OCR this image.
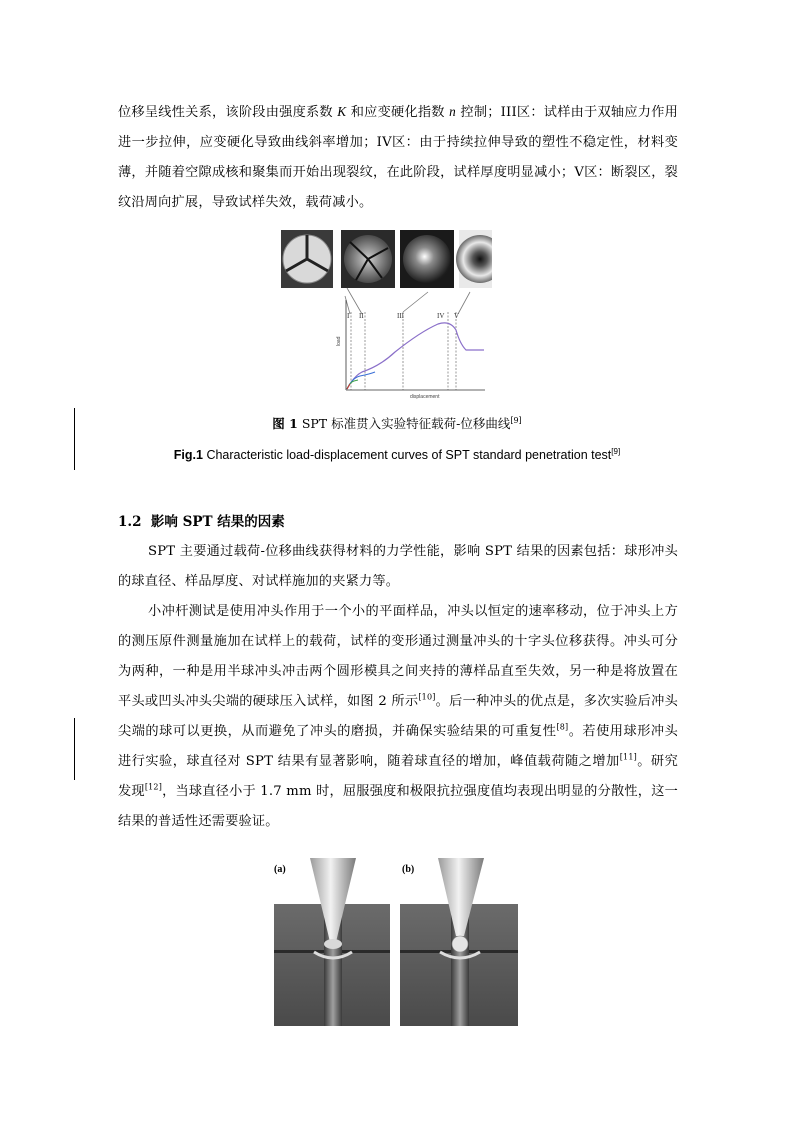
位移呈线性关系，该阶段由强度系数 K 和应变硬化指数 n 控制；III区：试样由于双轴应力作用进一步拉伸，应变硬化导致曲线斜率增加；IV区：由于持续拉伸导致的塑性不稳定性，材料变薄，并随着空隙成核和聚集而开始出现裂纹，在此阶段，试样厚度明显减小；V区：断裂区，裂纹沿周向扩展，导致试样失效，载荷减小。

I II	III	IV V
load
displacement
图 1 SPT 标准贯入实验特征载荷-位移曲线[9]
Fig.1 Characteristic load-displacement curves of SPT standard penetration test[9]
1.2 影响 SPT 结果的因素

SPT 主要通过载荷-位移曲线获得材料的力学性能，影响 SPT 结果的因素包括：球形冲头的球直径、样品厚度、对试样施加的夹紧力等。

小冲杆测试是使用冲头作用于一个小的平面样品，冲头以恒定的速率移动，位于冲头上方的测压原件测量施加在试样上的载荷，试样的变形通过测量冲头的十字头位移获得。冲头可分为两种，一种是用半球冲头冲击两个圆形模具之间夹持的薄样品直至失效，另一种是将放置在平头或凹头冲头尖端的硬球压入试样，如图 2 所示[10]。后一种冲头的优点是，多次实验后冲头尖端的球可以更换，从而避免了冲头的磨损，并确保实验结果的可重复性[8]。若使用球形冲头进行实验，球直径对 SPT 结果有显著影响，随着球直径的增加，峰值载荷随之增加[11]。研究发现[12]，当球直径小于 1.7 mm 时，屈服强度和极限抗拉强度值均表现出明显的分散性，这一结果的普适性还需要验证。

(a)	(b)
